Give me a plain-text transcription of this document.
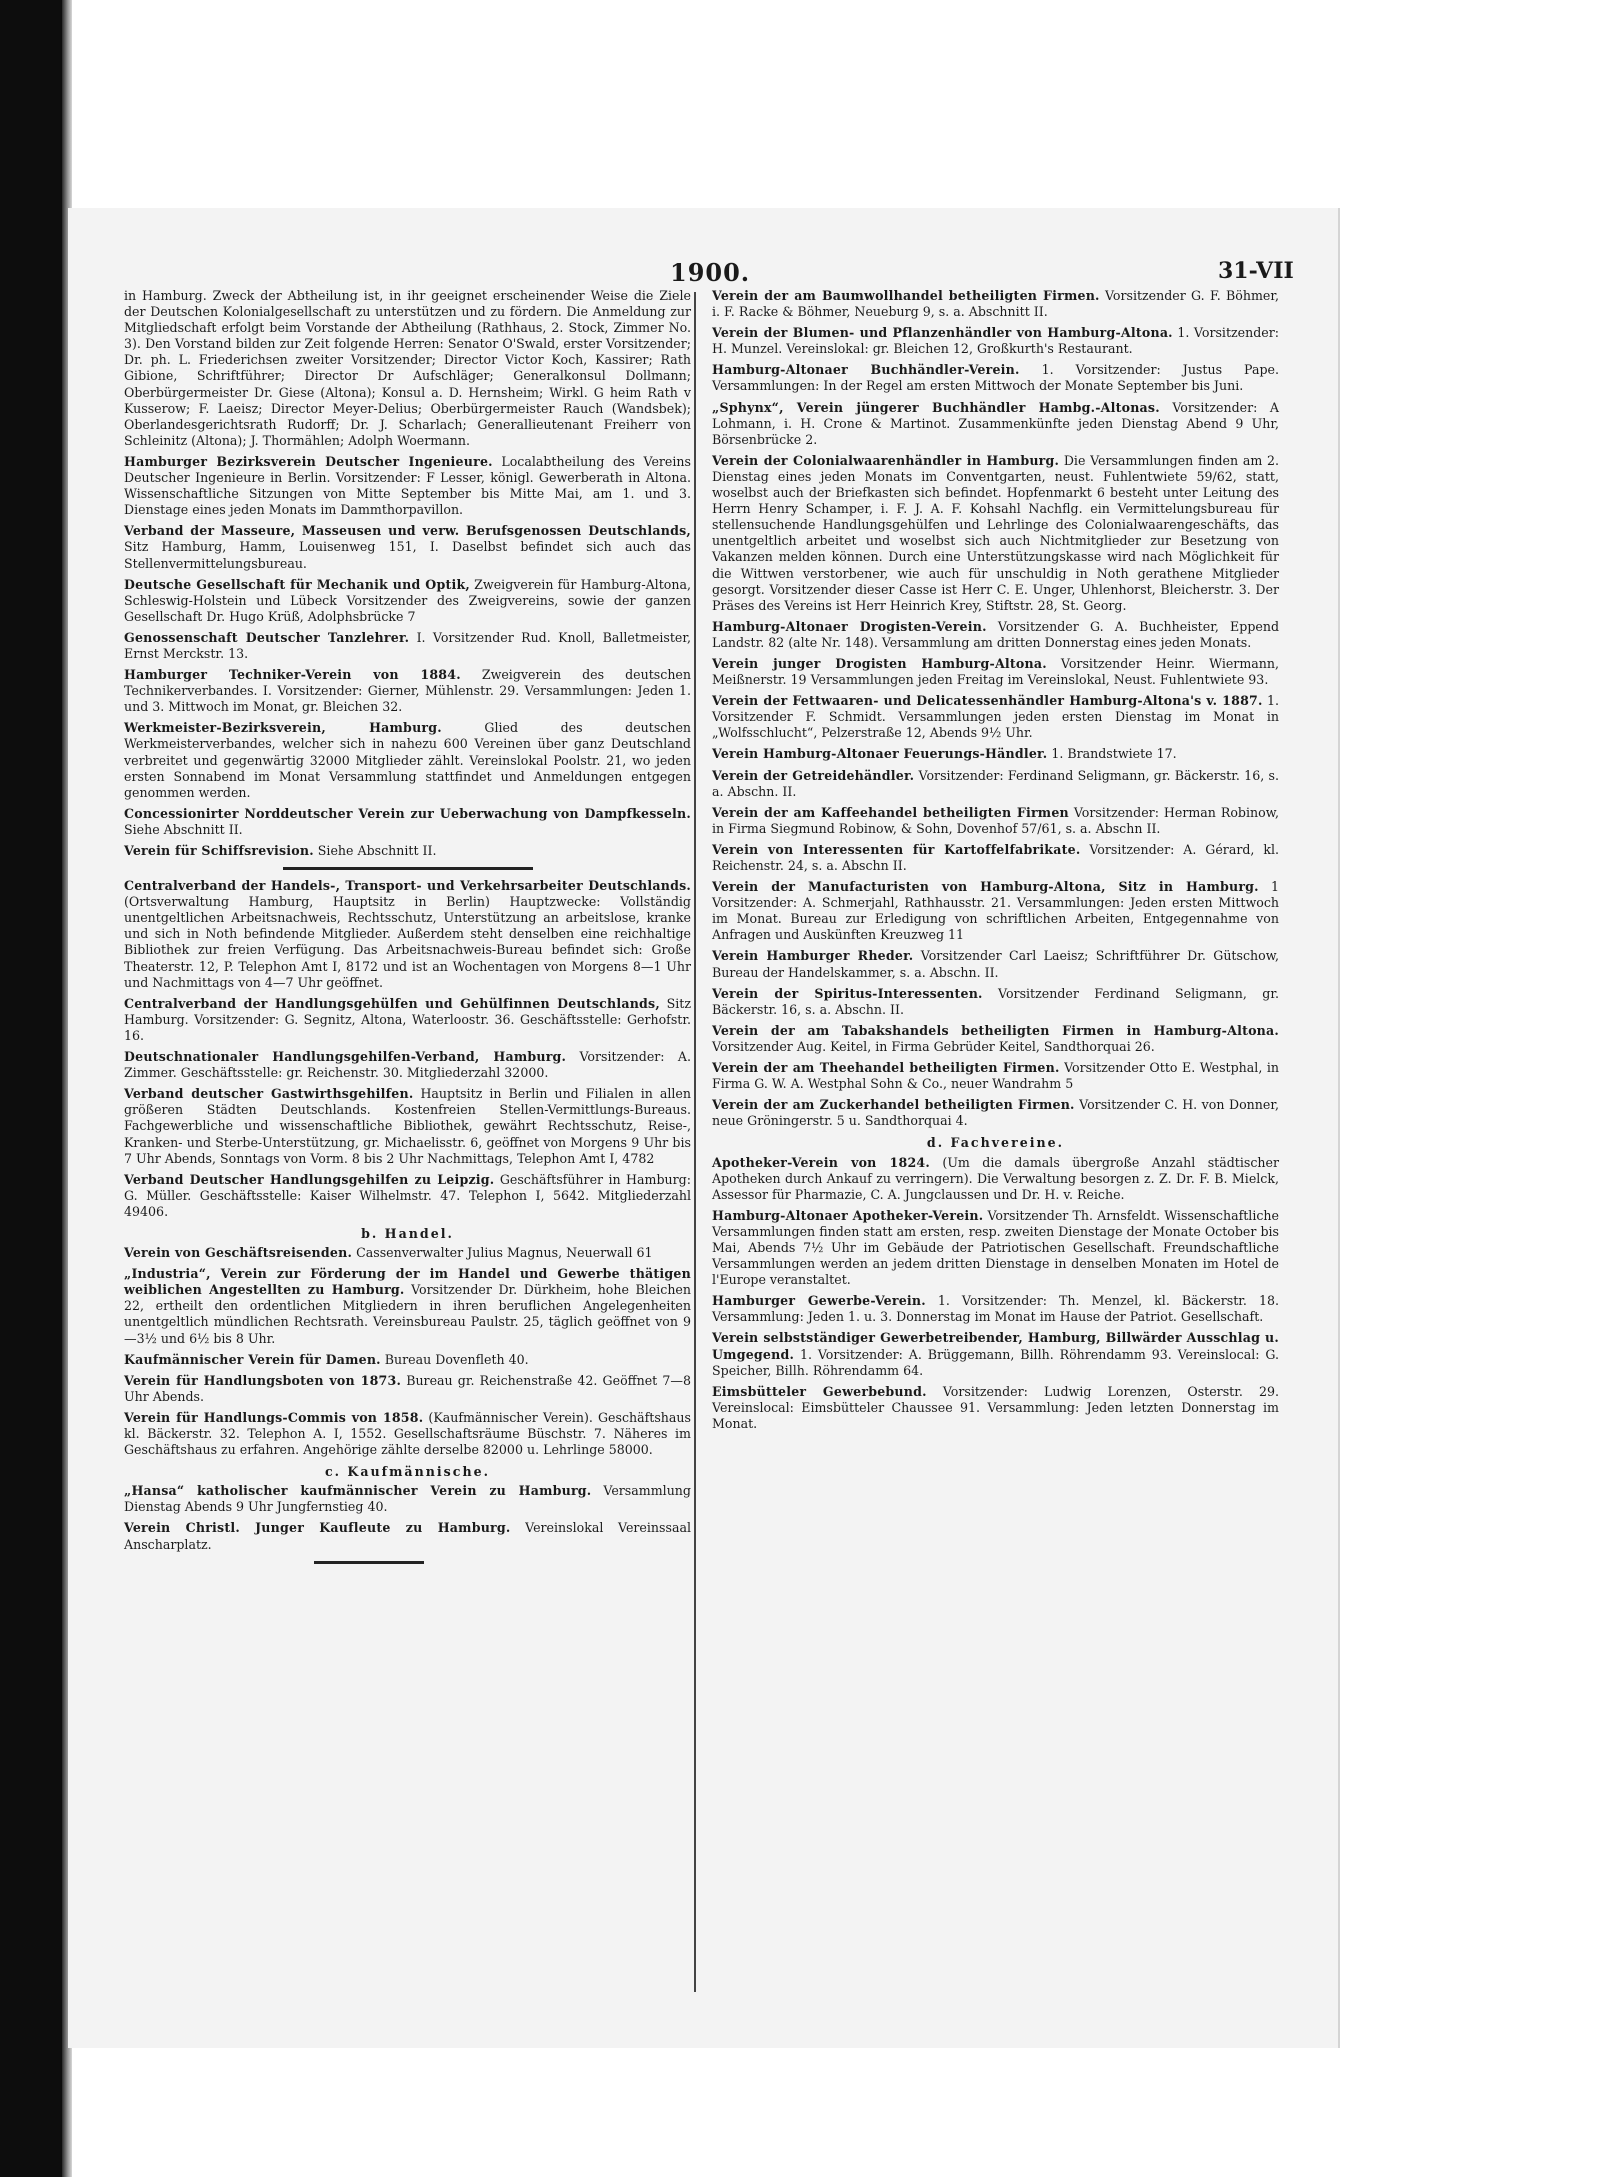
1900.	31-VII

in Hamburg. Zweck der Abtheilung ist, in ihr geeignet erscheinender Weise die Ziele der Deutschen Kolonialgesellschaft zu unterstützen und zu fördern. Die Anmeldung zur Mitgliedschaft erfolgt beim Vorstande der Abtheilung (Rathhaus, 2. Stock, Zimmer No. 3). Den Vorstand bilden zur Zeit folgende Herren: Senator O'Swald, erster Vorsitzender; Dr. ph. L. Friederichsen zweiter Vorsitzender; Director Victor Koch, Kassirer; Rath Gibione, Schriftführer; Director Dr Aufschläger; Generalkonsul Dollmann; Oberbürgermeister Dr. Giese (Altona); Konsul a. D. Hernsheim; Wirkl. G heim Rath v Kusserow; F. Laeisz; Director Meyer-Delius; Oberbürgermeister Rauch (Wandsbek); Oberlandesgerichtsrath Rudorff; Dr. J. Scharlach; Generallieutenant Freiherr von Schleinitz (Altona); J. Thormählen; Adolph Woermann.

Hamburger Bezirksverein Deutscher Ingenieure. Localabtheilung des Vereins Deutscher Ingenieure in Berlin. Vorsitzender: F Lesser, königl. Gewerberath in Altona. Wissenschaftliche Sitzungen von Mitte September bis Mitte Mai, am 1. und 3. Dienstage eines jeden Monats im Dammthorpavillon.

Verband der Masseure, Masseusen und verw. Berufsgenossen Deutschlands, Sitz Hamburg, Hamm, Louisenweg 151, I. Daselbst befindet sich auch das Stellenvermittelungsbureau.

Deutsche Gesellschaft für Mechanik und Optik, Zweigverein für Hamburg-Altona, Schleswig-Holstein und Lübeck Vorsitzender des Zweigvereins, sowie der ganzen Gesellschaft Dr. Hugo Krüß, Adolphsbrücke 7

Genossenschaft Deutscher Tanzlehrer. I. Vorsitzender Rud. Knoll, Balletmeister, Ernst Merckstr. 13.

Hamburger Techniker-Verein von 1884. Zweigverein des deutschen Technikerverbandes. I. Vorsitzender: Gierner, Mühlenstr. 29. Versammlungen: Jeden 1. und 3. Mittwoch im Monat, gr. Bleichen 32.

Werkmeister-Bezirksverein, Hamburg. Glied des deutschen Werkmeisterverbandes, welcher sich in nahezu 600 Vereinen über ganz Deutschland verbreitet und gegenwärtig 32000 Mitglieder zählt. Vereinslokal Poolstr. 21, wo jeden ersten Sonnabend im Monat Versammlung stattfindet und Anmeldungen entgegen genommen werden.

Concessionirter Norddeutscher Verein zur Ueberwachung von Dampfkesseln. Siehe Abschnitt II.

Verein für Schiffsrevision. Siehe Abschnitt II.

Centralverband der Handels-, Transport- und Verkehrsarbeiter Deutschlands. (Ortsverwaltung Hamburg, Hauptsitz in Berlin) Hauptzwecke: Vollständig unentgeltlichen Arbeitsnachweis, Rechtsschutz, Unterstützung an arbeitslose, kranke und sich in Noth befindende Mitglieder. Außerdem steht denselben eine reichhaltige Bibliothek zur freien Verfügung. Das Arbeitsnachweis-Bureau befindet sich: Große Theaterstr. 12, P. Telephon Amt I, 8172 und ist an Wochentagen von Morgens 8—1 Uhr und Nachmittags von 4—7 Uhr geöffnet.

Centralverband der Handlungsgehülfen und Gehülfinnen Deutschlands, Sitz Hamburg. Vorsitzender: G. Segnitz, Altona, Waterloostr. 36. Geschäftsstelle: Gerhofstr. 16.

Deutschnationaler Handlungsgehilfen-Verband, Hamburg. Vorsitzender: A. Zimmer. Geschäftsstelle: gr. Reichenstr. 30. Mitgliederzahl 32000.

Verband deutscher Gastwirthsgehilfen. Hauptsitz in Berlin und Filialen in allen größeren Städten Deutschlands. Kostenfreien Stellen-Vermittlungs-Bureaus. Fachgewerbliche und wissenschaftliche Bibliothek, gewährt Rechtsschutz, Reise-, Kranken- und Sterbe-Unterstützung, gr. Michaelisstr. 6, geöffnet von Morgens 9 Uhr bis 7 Uhr Abends, Sonntags von Vorm. 8 bis 2 Uhr Nachmittags, Telephon Amt I, 4782

Verband Deutscher Handlungsgehilfen zu Leipzig. Geschäftsführer in Hamburg: G. Müller. Geschäftsstelle: Kaiser Wilhelmstr. 47. Telephon I, 5642. Mitgliederzahl 49406.

b. Handel.

Verein von Geschäftsreisenden. Cassenverwalter Julius Magnus, Neuerwall 61

„Industria“, Verein zur Förderung der im Handel und Gewerbe thätigen weiblichen Angestellten zu Hamburg. Vorsitzender Dr. Dürkheim, hohe Bleichen 22, ertheilt den ordentlichen Mitgliedern in ihren beruflichen Angelegenheiten unentgeltlich mündlichen Rechtsrath. Vereinsbureau Paulstr. 25, täglich geöffnet von 9—3½ und 6½ bis 8 Uhr.

Kaufmännischer Verein für Damen. Bureau Dovenfleth 40.

Verein für Handlungsboten von 1873. Bureau gr. Reichenstraße 42. Geöffnet 7—8 Uhr Abends.

Verein für Handlungs-Commis von 1858. (Kaufmännischer Verein). Geschäftshaus kl. Bäckerstr. 32. Telephon A. I, 1552. Gesellschaftsräume Büschstr. 7. Näheres im Geschäftshaus zu erfahren. Angehörige zählte derselbe 82000 u. Lehrlinge 58000.

c. Kaufmännische.

„Hansa“ katholischer kaufmännischer Verein zu Hamburg. Versammlung Dienstag Abends 9 Uhr Jungfernstieg 40.

Verein Christl. Junger Kaufleute zu Hamburg. Vereinslokal Vereinssaal Anscharplatz.

Verein der am Baumwollhandel betheiligten Firmen. Vorsitzender G. F. Böhmer, i. F. Racke & Böhmer, Neueburg 9, s. a. Abschnitt II.

Verein der Blumen- und Pflanzenhändler von Hamburg-Altona. 1. Vorsitzender: H. Munzel. Vereinslokal: gr. Bleichen 12, Großkurth's Restaurant.

Hamburg-Altonaer Buchhändler-Verein. 1. Vorsitzender: Justus Pape. Versammlungen: In der Regel am ersten Mittwoch der Monate September bis Juni.

„Sphynx“, Verein jüngerer Buchhändler Hambg.-Altonas. Vorsitzender: A Lohmann, i. H. Crone & Martinot. Zusammenkünfte jeden Dienstag Abend 9 Uhr, Börsenbrücke 2.

Verein der Colonialwaarenhändler in Hamburg. Die Versammlungen finden am 2. Dienstag eines jeden Monats im Conventgarten, neust. Fuhlentwiete 59/62, statt, woselbst auch der Briefkasten sich befindet. Hopfenmarkt 6 besteht unter Leitung des Herrn Henry Schamper, i. F. J. A. F. Kohsahl Nachflg. ein Vermittelungsbureau für stellensuchende Handlungsgehülfen und Lehrlinge des Colonialwaarengeschäfts, das unentgeltlich arbeitet und woselbst sich auch Nichtmitglieder zur Besetzung von Vakanzen melden können. Durch eine Unterstützungskasse wird nach Möglichkeit für die Wittwen verstorbener, wie auch für unschuldig in Noth gerathene Mitglieder gesorgt. Vorsitzender dieser Casse ist Herr C. E. Unger, Uhlenhorst, Bleicherstr. 3. Der Präses des Vereins ist Herr Heinrich Krey, Stiftstr. 28, St. Georg.

Hamburg-Altonaer Drogisten-Verein. Vorsitzender G. A. Buchheister, Eppend Landstr. 82 (alte Nr. 148). Versammlung am dritten Donnerstag eines jeden Monats.

Verein junger Drogisten Hamburg-Altona. Vorsitzender Heinr. Wiermann, Meißnerstr. 19 Versammlungen jeden Freitag im Vereinslokal, Neust. Fuhlentwiete 93.

Verein der Fettwaaren- und Delicatessenhändler Hamburg-Altona's v. 1887. 1. Vorsitzender F. Schmidt. Versammlungen jeden ersten Dienstag im Monat in „Wolfsschlucht“, Pelzerstraße 12, Abends 9½ Uhr.

Verein Hamburg-Altonaer Feuerungs-Händler. 1. Brandstwiete 17.

Verein der Getreidehändler. Vorsitzender: Ferdinand Seligmann, gr. Bäckerstr. 16, s. a. Abschn. II.

Verein der am Kaffeehandel betheiligten Firmen Vorsitzender: Herman Robinow, in Firma Siegmund Robinow, & Sohn, Dovenhof 57/61, s. a. Abschn II.

Verein von Interessenten für Kartoffelfabrikate. Vorsitzender: A. Gérard, kl. Reichenstr. 24, s. a. Abschn II.

Verein der Manufacturisten von Hamburg-Altona, Sitz in Hamburg. 1 Vorsitzender: A. Schmerjahl, Rathhausstr. 21. Versammlungen: Jeden ersten Mittwoch im Monat. Bureau zur Erledigung von schriftlichen Arbeiten, Entgegennahme von Anfragen und Auskünften Kreuzweg 11

Verein Hamburger Rheder. Vorsitzender Carl Laeisz; Schriftführer Dr. Gütschow, Bureau der Handelskammer, s. a. Abschn. II.

Verein der Spiritus-Interessenten. Vorsitzender Ferdinand Seligmann, gr. Bäckerstr. 16, s. a. Abschn. II.

Verein der am Tabakshandels betheiligten Firmen in Hamburg-Altona. Vorsitzender Aug. Keitel, in Firma Gebrüder Keitel, Sandthorquai 26.

Verein der am Theehandel betheiligten Firmen. Vorsitzender Otto E. Westphal, in Firma G. W. A. Westphal Sohn & Co., neuer Wandrahm 5

Verein der am Zuckerhandel betheiligten Firmen. Vorsitzender C. H. von Donner, neue Gröningerstr. 5 u. Sandthorquai 4.

d. Fachvereine.

Apotheker-Verein von 1824. (Um die damals übergroße Anzahl städtischer Apotheken durch Ankauf zu verringern). Die Verwaltung besorgen z. Z. Dr. F. B. Mielck, Assessor für Pharmazie, C. A. Jungclaussen und Dr. H. v. Reiche.

Hamburg-Altonaer Apotheker-Verein. Vorsitzender Th. Arnsfeldt. Wissenschaftliche Versammlungen finden statt am ersten, resp. zweiten Dienstage der Monate October bis Mai, Abends 7½ Uhr im Gebäude der Patriotischen Gesellschaft. Freundschaftliche Versammlungen werden an jedem dritten Dienstage in denselben Monaten im Hotel de l'Europe veranstaltet.

Hamburger Gewerbe-Verein. 1. Vorsitzender: Th. Menzel, kl. Bäckerstr. 18. Versammlung: Jeden 1. u. 3. Donnerstag im Monat im Hause der Patriot. Gesellschaft.

Verein selbstständiger Gewerbetreibender, Hamburg, Billwärder Ausschlag u. Umgegend. 1. Vorsitzender: A. Brüggemann, Billh. Röhrendamm 93. Vereinslocal: G. Speicher, Billh. Röhrendamm 64.

Eimsbütteler Gewerbebund. Vorsitzender: Ludwig Lorenzen, Osterstr. 29. Vereinslocal: Eimsbütteler Chaussee 91. Versammlung: Jeden letzten Donnerstag im Monat.
